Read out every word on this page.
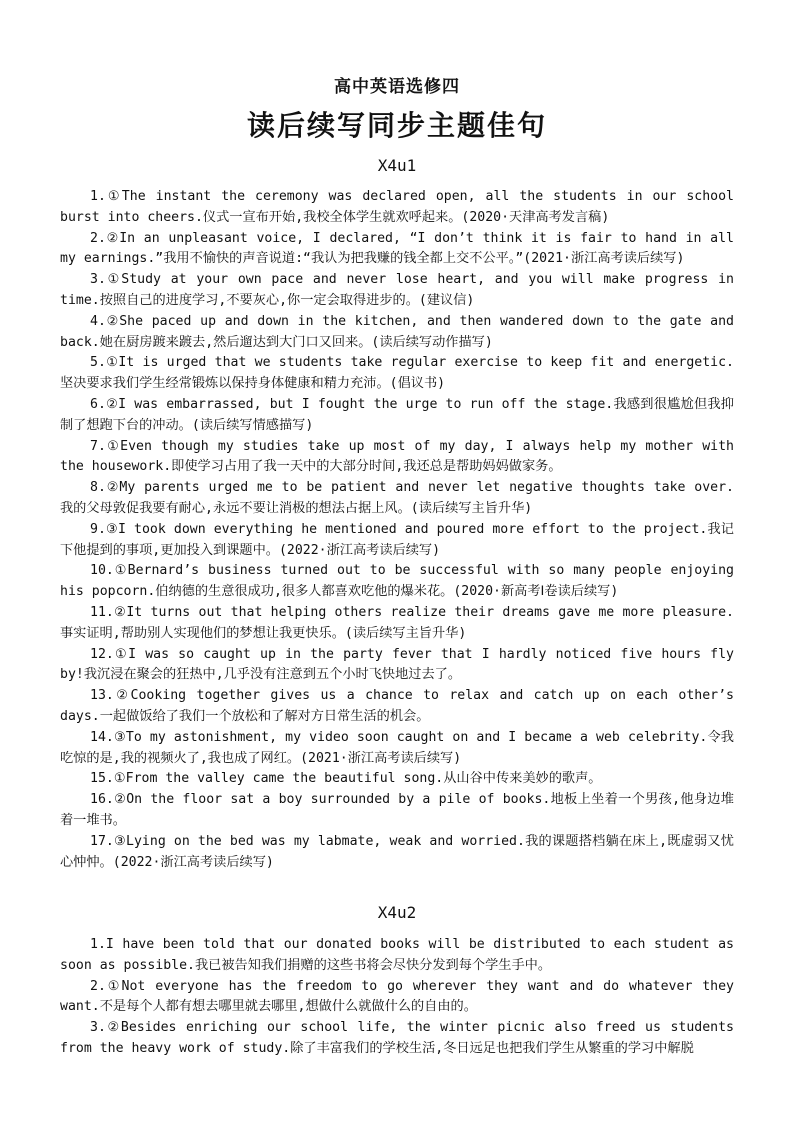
高中英语选修四
读后续写同步主题佳句
X4u1

1.①The instant the ceremony was declared open, all the students in our school burst into cheers.仪式一宣布开始,我校全体学生就欢呼起来。(2020·天津高考发言稿)

2.②In an unpleasant voice, I declared, “I don’t think it is fair to hand in all my earnings.”我用不愉快的声音说道:“我认为把我赚的钱全都上交不公平。”(2021·浙江高考读后续写)

3.①Study at your own pace and never lose heart, and you will make progress in time.按照自己的进度学习,不要灰心,你一定会取得进步的。(建议信)

4.②She paced up and down in the kitchen, and then wandered down to the gate and back.她在厨房踱来踱去,然后遛达到大门口又回来。(读后续写动作描写)

5.①It is urged that we students take regular exercise to keep fit and energetic.坚决要求我们学生经常锻炼以保持身体健康和精力充沛。(倡议书)

6.②I was embarrassed, but I fought the urge to run off the stage.我感到很尴尬但我抑制了想跑下台的冲动。(读后续写情感描写)

7.①Even though my studies take up most of my day, I always help my mother with the housework.即使学习占用了我一天中的大部分时间,我还总是帮助妈妈做家务。

8.②My parents urged me to be patient and never let negative thoughts take over.我的父母敦促我要有耐心,永远不要让消极的想法占据上风。(读后续写主旨升华)

9.③I took down everything he mentioned and poured more effort to the project.我记下他提到的事项,更加投入到课题中。(2022·浙江高考读后续写)

10.①Bernard’s business turned out to be successful with so many people enjoying his popcorn.伯纳德的生意很成功,很多人都喜欢吃他的爆米花。(2020·新高考Ⅰ卷读后续写)

11.②It turns out that helping others realize their dreams gave me more pleasure.事实证明,帮助别人实现他们的梦想让我更快乐。(读后续写主旨升华)

12.①I was so caught up in the party fever that I hardly noticed five hours fly by!我沉浸在聚会的狂热中,几乎没有注意到五个小时飞快地过去了。

13.②Cooking together gives us a chance to relax and catch up on each other’s days.一起做饭给了我们一个放松和了解对方日常生活的机会。

14.③To my astonishment, my video soon caught on and I became a web celebrity.令我吃惊的是,我的视频火了,我也成了网红。(2021·浙江高考读后续写)

15.①From the valley came the beautiful song.从山谷中传来美妙的歌声。

16.②On the floor sat a boy surrounded by a pile of books.地板上坐着一个男孩,他身边堆着一堆书。

17.③Lying on the bed was my labmate, weak and worried.我的课题搭档躺在床上,既虚弱又忧心忡忡。(2022·浙江高考读后续写)

X4u2

1.I have been told that our donated books will be distributed to each student as soon as possible.我已被告知我们捐赠的这些书将会尽快分发到每个学生手中。

2.①Not everyone has the freedom to go wherever they want and do whatever they want.不是每个人都有想去哪里就去哪里,想做什么就做什么的自由的。

3.②Besides enriching our school life, the winter picnic also freed us students from the heavy work of study.除了丰富我们的学校生活,冬日远足也把我们学生从繁重的学习中解脱
